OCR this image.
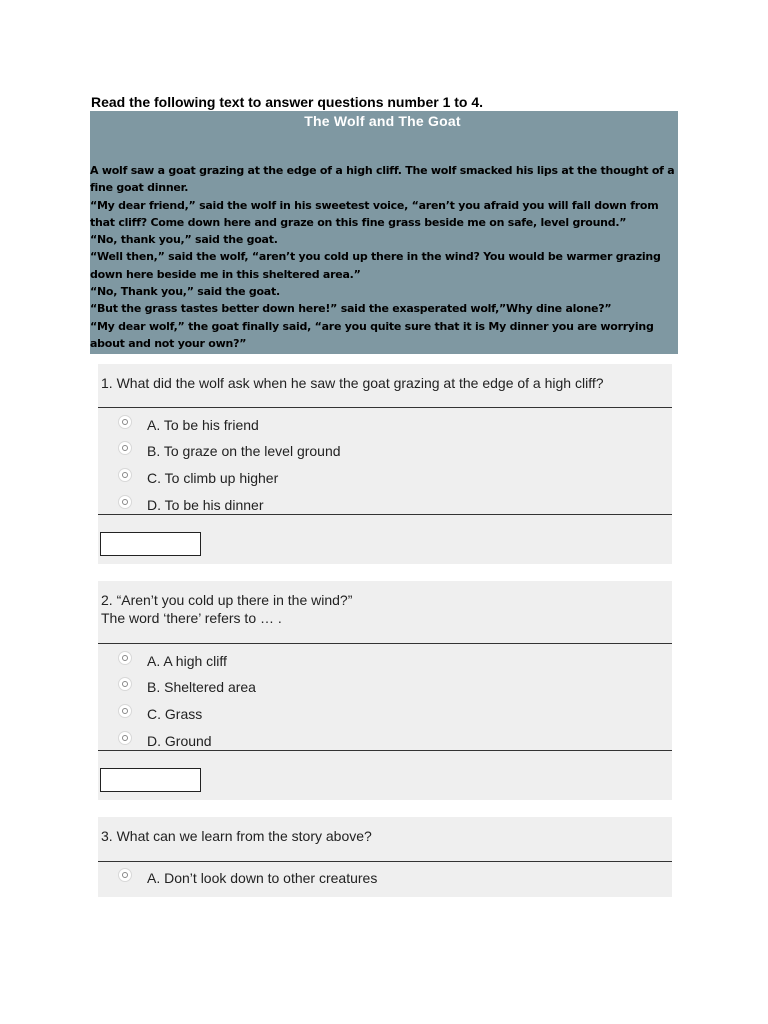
Read the following text to answer questions number 1 to 4.
The Wolf and The Goat

A wolf saw a goat grazing at the edge of a high cliff. The wolf smacked his lips at the thought of a fine goat dinner.

“My dear friend,” said the wolf in his sweetest voice, “aren’t you afraid you will fall down from that cliff? Come down here and graze on this fine grass beside me on safe, level ground.”

“No, thank you,” said the goat.

“Well then,” said the wolf, “aren’t you cold up there in the wind? You would be warmer grazing down here beside me in this sheltered area.”

“No, Thank you,” said the goat.

“But the grass tastes better down here!” said the exasperated wolf,”Why dine alone?”

“My dear wolf,” the goat finally said, “are you quite sure that it is My dinner you are worrying about and not your own?”

1. What did the wolf ask when he saw the goat grazing at the edge of a high cliff?
A. To be his friend
B. To graze on the level ground
C. To climb up higher
D. To be his dinner
2. “Aren’t you cold up there in the wind?”
The word ‘there’ refers to … .
A. A high cliff
B. Sheltered area
C. Grass
D. Ground
3. What can we learn from the story above?
A. Don’t look down to other creatures
